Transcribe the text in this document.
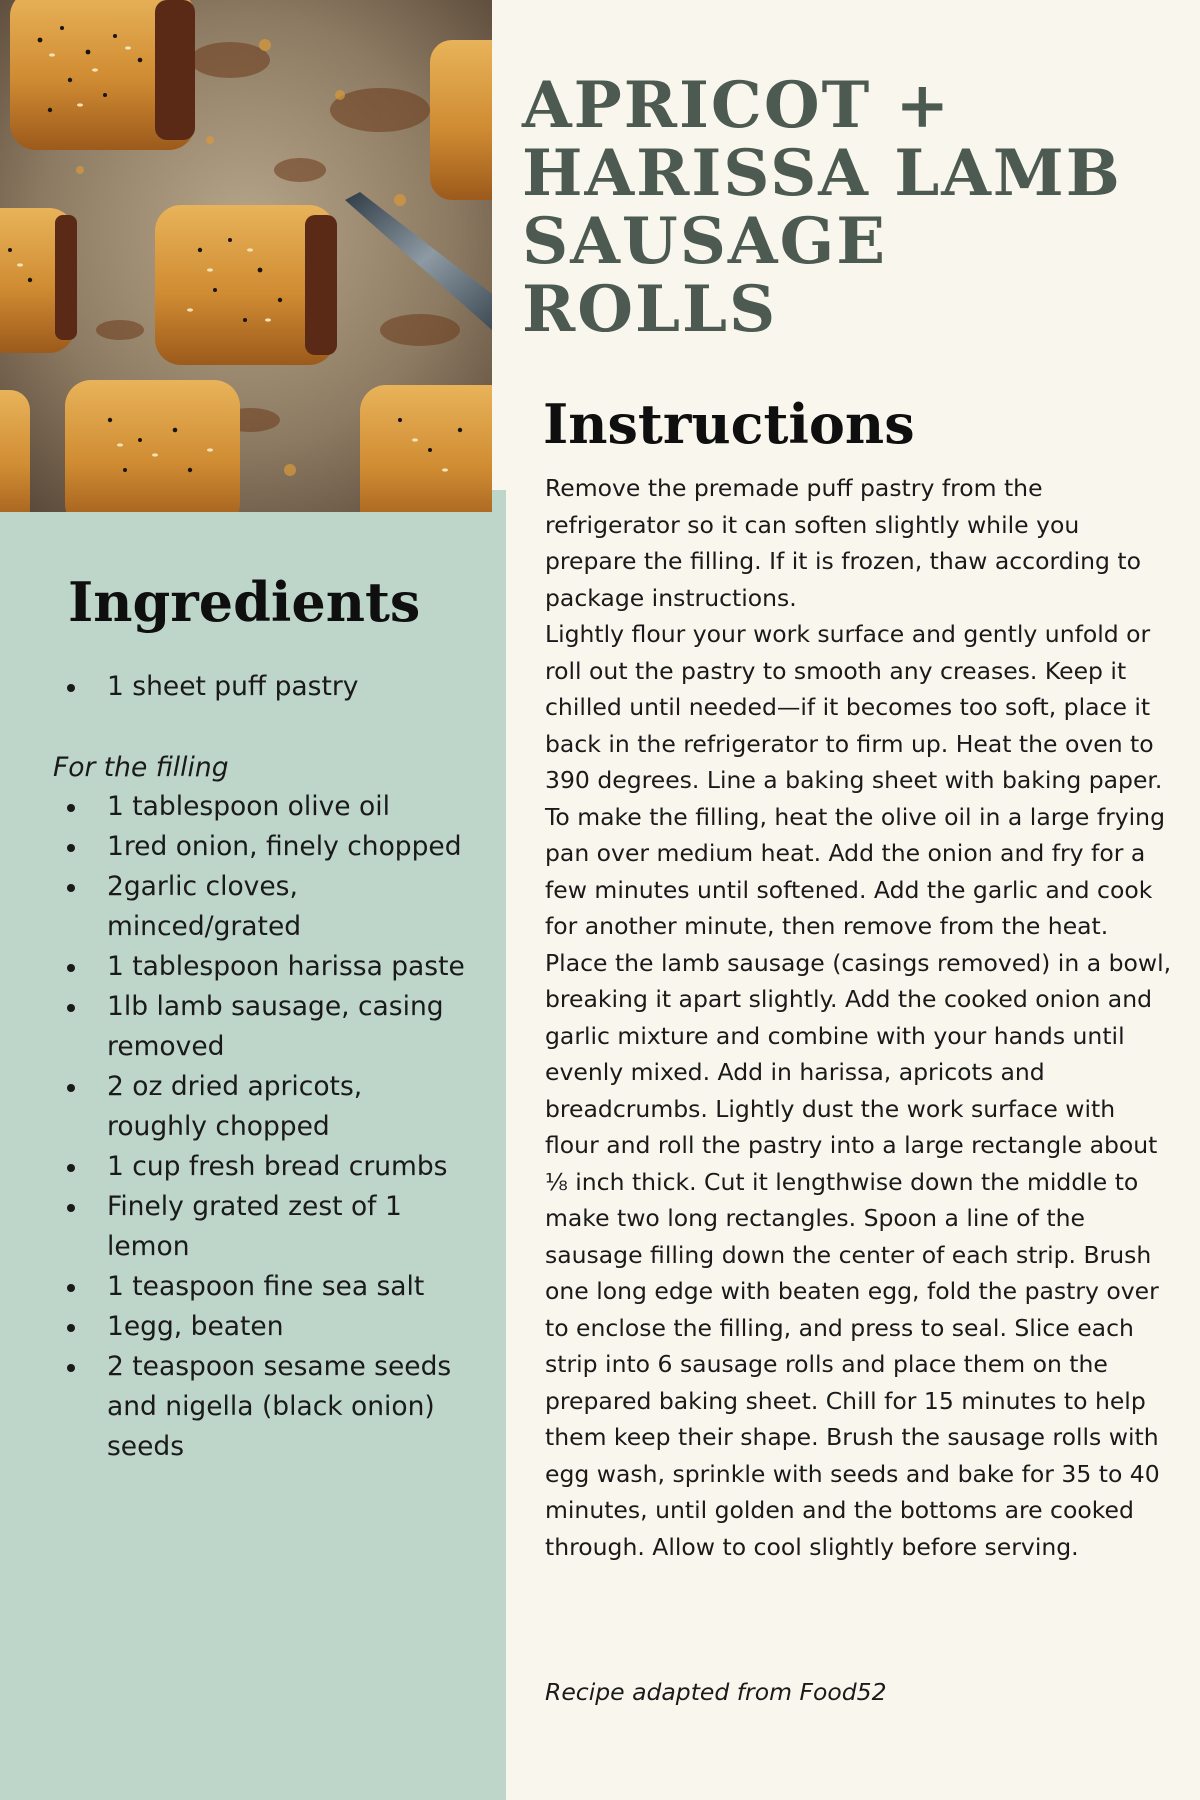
APRICOT +
HARISSA LAMB
SAUSAGE
ROLLS
Instructions

Remove the premade puff pastry from the refrigerator so it can soften slightly while you prepare the filling. If it is frozen, thaw according to package instructions.

Lightly flour your work surface and gently unfold or roll out the pastry to smooth any creases. Keep it chilled until needed—if it becomes too soft, place it back in the refrigerator to firm up. Heat the oven to 390 degrees. Line a baking sheet with baking paper. To make the filling, heat the olive oil in a large frying pan over medium heat. Add the onion and fry for a few minutes until softened. Add the garlic and cook for another minute, then remove from the heat. Place the lamb sausage (casings removed) in a bowl, breaking it apart slightly. Add the cooked onion and garlic mixture and combine with your hands until evenly mixed. Add in harissa, apricots and breadcrumbs. Lightly dust the work surface with flour and roll the pastry into a large rectangle about ⅛ inch thick. Cut it lengthwise down the middle to make two long rectangles. Spoon a line of the sausage filling down the center of each strip. Brush one long edge with beaten egg, fold the pastry over to enclose the filling, and press to seal. Slice each strip into 6 sausage rolls and place them on the prepared baking sheet. Chill for 15 minutes to help them keep their shape. Brush the sausage rolls with egg wash, sprinkle with seeds and bake for 35 to 40 minutes, until golden and the bottoms are cooked through. Allow to cool slightly before serving.

Recipe adapted from Food52

Ingredients
1 sheet puff pastry

For the filling

1 tablespoon olive oil
1red onion, finely chopped
2garlic cloves, minced/grated
1 tablespoon harissa paste
1lb lamb sausage, casing removed
2 oz dried apricots, roughly chopped
1 cup fresh bread crumbs
Finely grated zest of 1 lemon
1 teaspoon fine sea salt
1egg, beaten
2 teaspoon sesame seeds and nigella (black onion) seeds
